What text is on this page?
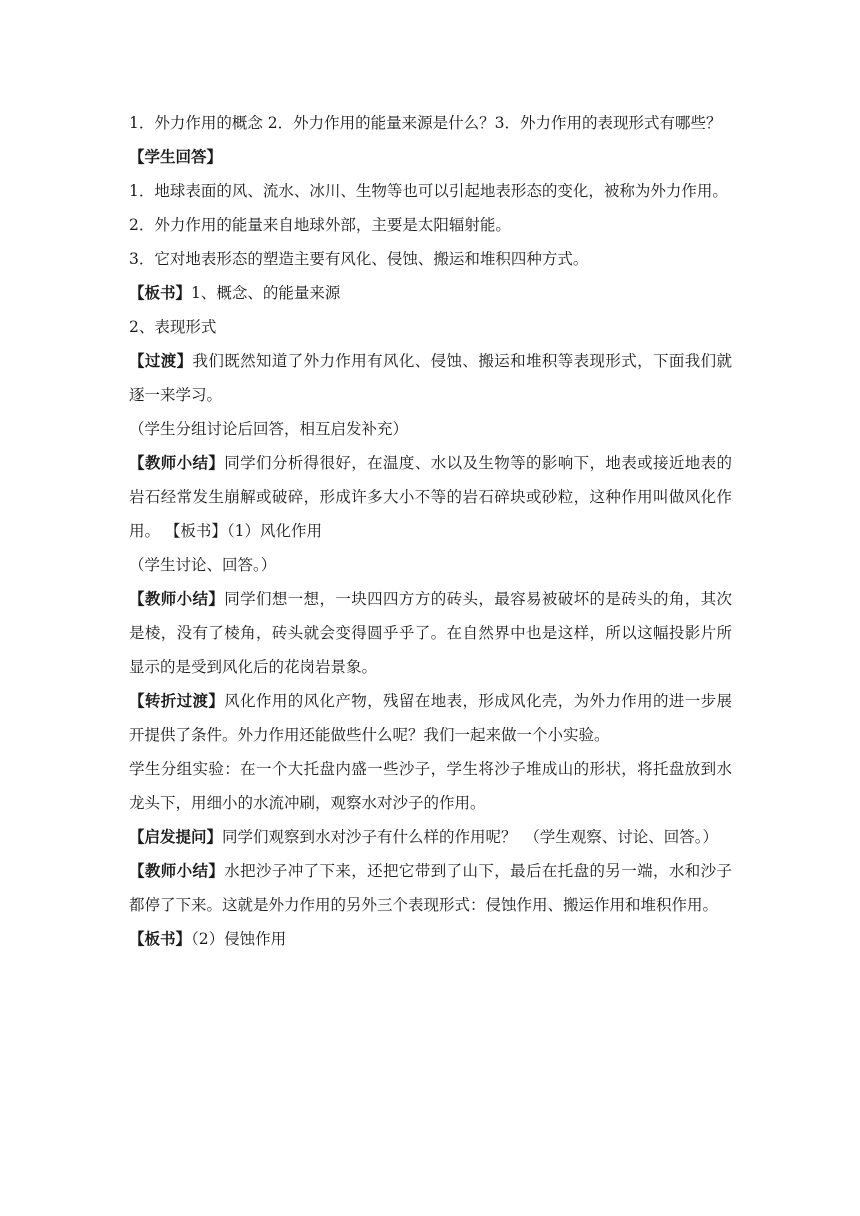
1．外力作用的概念 2．外力作用的能量来源是什么？3．外力作用的表现形式有哪些？

【学生回答】

1．地球表面的风、流水、冰川、生物等也可以引起地表形态的变化，被称为外力作用。

2．外力作用的能量来自地球外部，主要是太阳辐射能。

3．它对地表形态的塑造主要有风化、侵蚀、搬运和堆积四种方式。

【板书】1、概念、的能量来源

2、表现形式

【过渡】我们既然知道了外力作用有风化、侵蚀、搬运和堆积等表现形式，下面我们就逐一来学习。

（学生分组讨论后回答，相互启发补充）

【教师小结】同学们分析得很好，在温度、水以及生物等的影响下，地表或接近地表的岩石经常发生崩解或破碎，形成许多大小不等的岩石碎块或砂粒，这种作用叫做风化作用。 【板书】（1）风化作用

（学生讨论、回答。）

【教师小结】同学们想一想，一块四四方方的砖头，最容易被破坏的是砖头的角，其次是棱，没有了棱角，砖头就会变得圆乎乎了。在自然界中也是这样，所以这幅投影片所显示的是受到风化后的花岗岩景象。

【转折过渡】风化作用的风化产物，残留在地表，形成风化壳，为外力作用的进一步展开提供了条件。外力作用还能做些什么呢？我们一起来做一个小实验。

学生分组实验：在一个大托盘内盛一些沙子，学生将沙子堆成山的形状，将托盘放到水龙头下，用细小的水流冲刷，观察水对沙子的作用。

【启发提问】同学们观察到水对沙子有什么样的作用呢？　（学生观察、讨论、回答。）

【教师小结】水把沙子冲了下来，还把它带到了山下，最后在托盘的另一端，水和沙子都停了下来。这就是外力作用的另外三个表现形式：侵蚀作用、搬运作用和堆积作用。

【板书】（2）侵蚀作用
